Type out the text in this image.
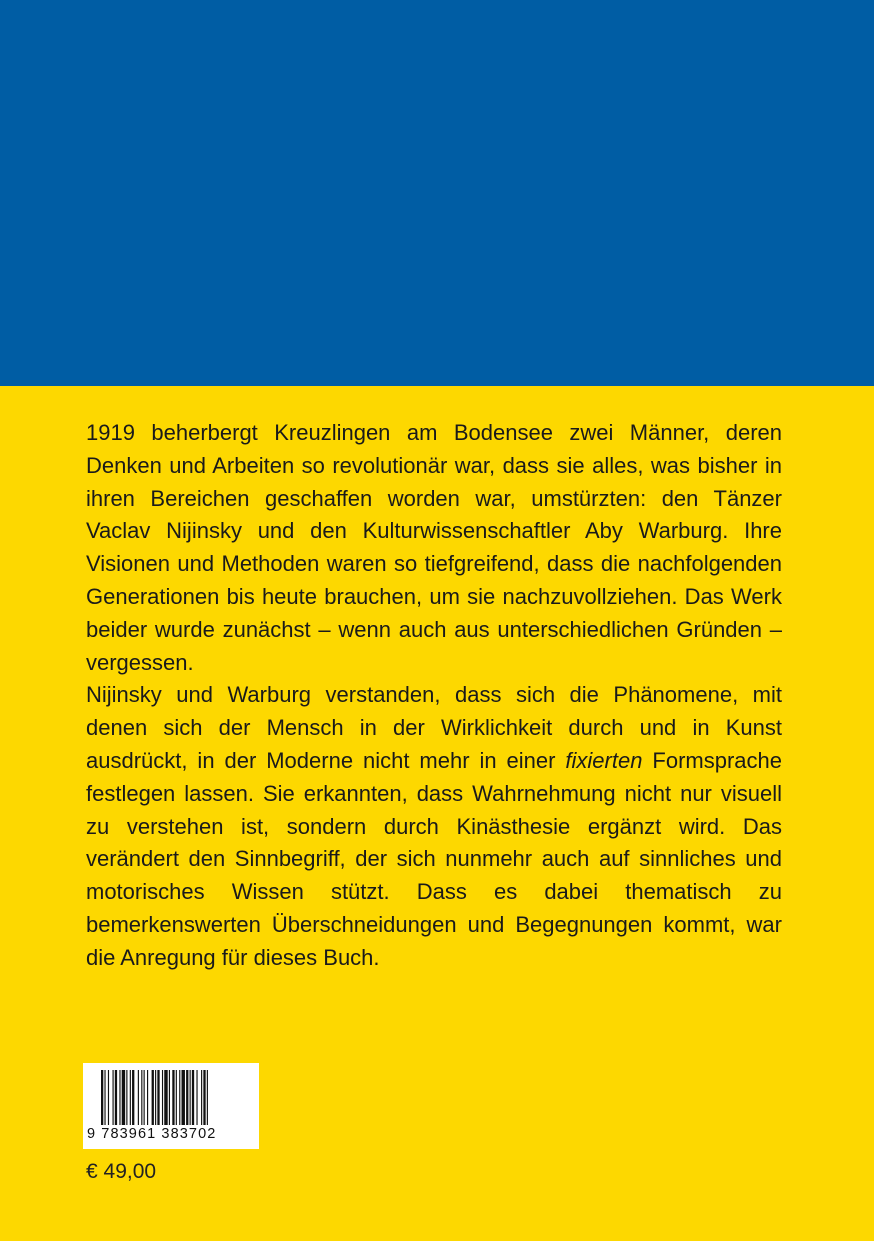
1919 beherbergt Kreuzlingen am Bodensee zwei Männer, deren Denken und Arbeiten so revolutionär war, dass sie alles, was bisher in ihren Bereichen geschaffen worden war, umstürzten: den Tänzer Vaclav Nijinsky und den Kulturwissenschaftler Aby Warburg. Ihre Visionen und Methoden waren so tiefgreifend, dass die nachfolgenden Generationen bis heute brauchen, um sie nachzuvollziehen. Das Werk beider wurde zunächst – wenn auch aus unterschiedlichen Gründen – vergessen.

Nijinsky und Warburg verstanden, dass sich die Phänomene, mit denen sich der Mensch in der Wirklichkeit durch und in Kunst ausdrückt, in der Moderne nicht mehr in einer fixierten Formsprache festlegen lassen. Sie erkannten, dass Wahrnehmung nicht nur visuell zu verstehen ist, sondern durch Kinästhesie ergänzt wird. Das verändert den Sinnbegriff, der sich nunmehr auch auf sinnliches und motorisches Wissen stützt. Dass es dabei thematisch zu bemerkenswerten Überschneidungen und Begegnungen kommt, war die Anregung für dieses Buch.

9 783961 383702
€ 49,00
